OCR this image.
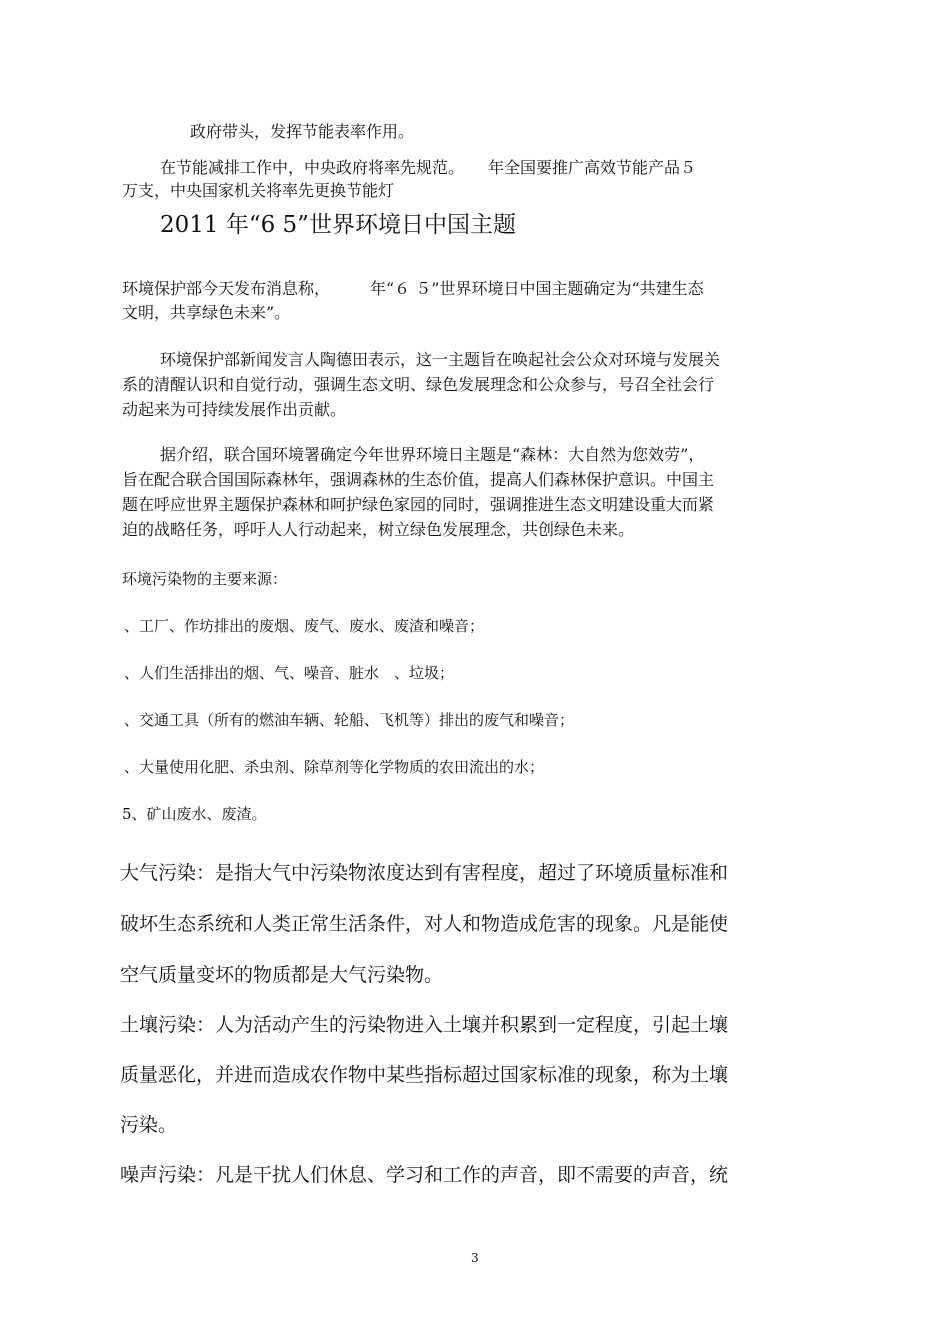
政府带头，发挥节能表率作用。
在节能减排工作中，中央政府将率先规范。　　年全国要推广高效节能产品５
万支，中央国家机关将率先更换节能灯
2011 年“6 5”世界环境日中国主题
环境保护部今天发布消息称，　　　年“６ ５”世界环境日中国主题确定为“共建生态
文明，共享绿色未来”。
环境保护部新闻发言人陶德田表示，这一主题旨在唤起社会公众对环境与发展关
系的清醒认识和自觉行动，强调生态文明、绿色发展理念和公众参与，号召全社会行
动起来为可持续发展作出贡献。
据介绍，联合国环境署确定今年世界环境日主题是“森林：大自然为您效劳”，
旨在配合联合国国际森林年，强调森林的生态价值，提高人们森林保护意识。中国主
题在呼应世界主题保护森林和呵护绿色家园的同时，强调推进生态文明建设重大而紧
迫的战略任务，呼吁人人行动起来，树立绿色发展理念，共创绿色未来。
环境污染物的主要来源：
、工厂、作坊排出的废烟、废气、废水、废渣和噪音；
、人们生活排出的烟、气、噪音、脏水　、垃圾；
、交通工具（所有的燃油车辆、轮船、飞机等）排出的废气和噪音；
、大量使用化肥、杀虫剂、除草剂等化学物质的农田流出的水；
5、矿山废水、废渣。
大气污染：是指大气中污染物浓度达到有害程度，超过了环境质量标准和
破坏生态系统和人类正常生活条件，对人和物造成危害的现象。凡是能使
空气质量变坏的物质都是大气污染物。
土壤污染：人为活动产生的污染物进入土壤并积累到一定程度，引起土壤
质量恶化，并进而造成农作物中某些指标超过国家标准的现象，称为土壤
污染。
噪声污染：凡是干扰人们休息、学习和工作的声音，即不需要的声音，统
3
